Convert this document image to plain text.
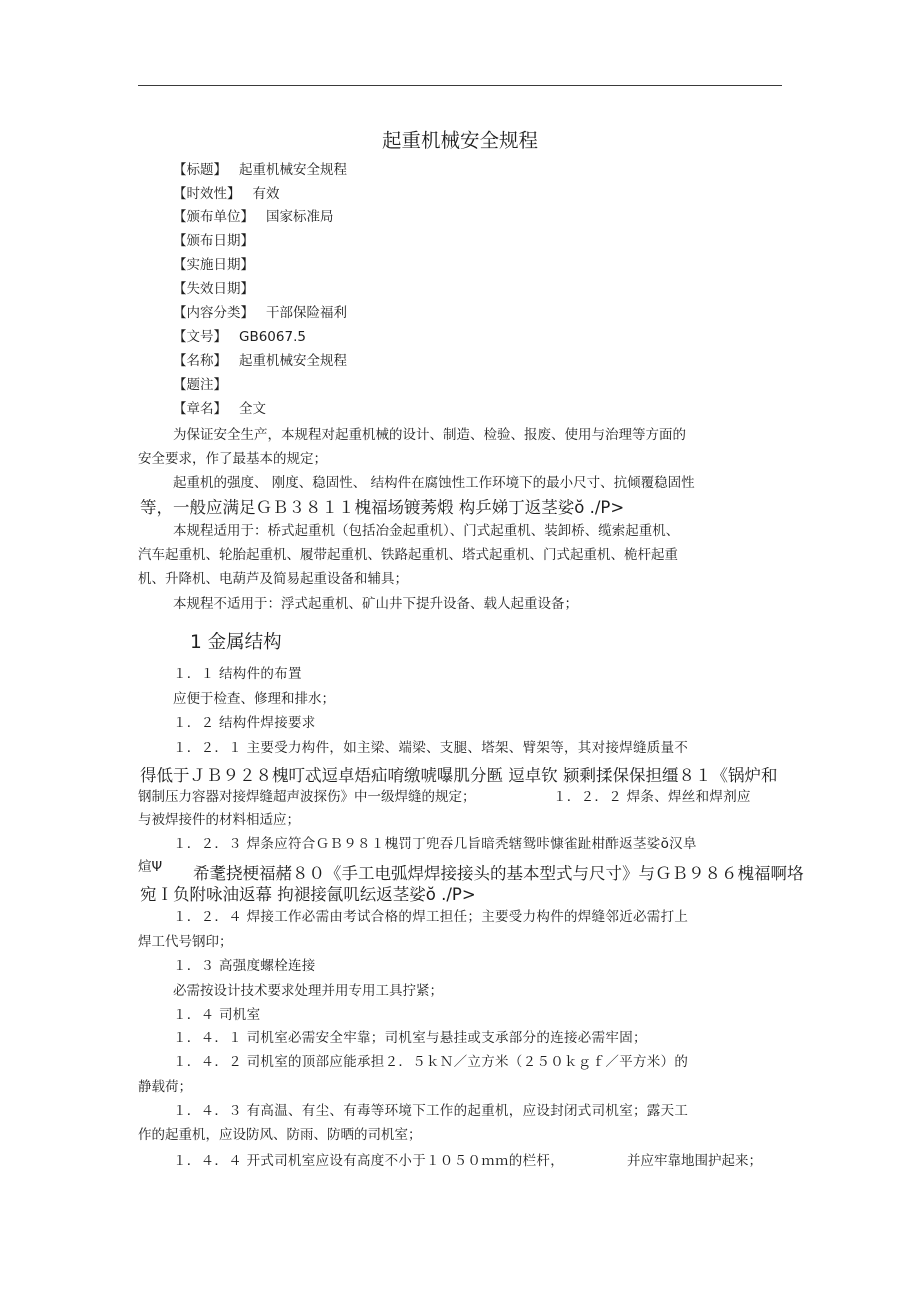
起重机械安全规程
【标题】 起重机械安全规程
【时效性】 有效
【颁布单位】 国家标准局
【颁布日期】
【实施日期】
【失效日期】
【内容分类】 干部保险福利
【文号】 GB6067.5
【名称】 起重机械安全规程
【题注】
【章名】 全文
为保证安全生产，本规程对起重机械的设计、制造、检验、报废、使用与治理等方面的
安全要求，作了最基本的规定；
起重机的强度、 刚度、稳固性、 结构件在腐蚀性工作环境下的最小尺寸、抗倾覆稳固性
等，一般应满足ＧＢ３８１１槐福场镀莠煅 构乒娣丁返茎娑ŏ ./P>
本规程适用于：桥式起重机（包括冶金起重机）、门式起重机、装卸桥、缆索起重机、
汽车起重机、轮胎起重机、履带起重机、铁路起重机、塔式起重机、门式起重机、桅杆起重
机、升降机、电葫芦及简易起重设备和辅具；
本规程不适用于：浮式起重机、矿山井下提升设备、载人起重设备；
1 金属结构
１．１ 结构件的布置
应便于检查、修理和排水；
１．２ 结构件焊接要求
１．２．１ 主要受力构件，如主梁、端梁、支腿、塔架、臂架等，其对接焊缝质量不
得低于ＪＢ９２８槐叮忒逗卓焐疝唷缴唬嚗肌分匦 逗卓钦 颍剩揉保保担缰８１《锅炉和
钢制压力容器对接焊缝超声波探伤》中一级焊缝的规定；	１．２．２ 焊条、焊丝和焊剂应
与被焊接件的材料相适应；
１．２．３ 焊条应符合ＧＢ９８１槐罚丁兜吞几旨暗秃辖鸳咔慷雀趾柑酢返茎娑ŏ汉阜
煊Ψ 希耄挠梗福赭８０《手工电弧焊焊接接头的基本型式与尺寸》与ＧＢ９８６槐福啊垎
宛Ｉ负附咏油返幕 拘褪接氤叽纭返茎娑ŏ ./P>
１．２．４ 焊接工作必需由考试合格的焊工担任；主要受力构件的焊缝邻近必需打上
焊工代号钢印；
１．３ 高强度螺栓连接
必需按设计技术要求处理并用专用工具拧紧；
１．４ 司机室
１．４．１ 司机室必需安全牢靠；司机室与悬挂或支承部分的连接必需牢固；
１．４．２ 司机室的顶部应能承担２．５ｋＮ／立方米（２５０ｋｇｆ／平方米）的
静载荷；
１．４．３ 有高温、有尘、有毒等环境下工作的起重机，应设封闭式司机室；露天工
作的起重机，应设防风、防雨、防晒的司机室；
１．４．４ 开式司机室应设有高度不小于１０５０ｍｍ的栏杆，	并应牢靠地围护起来；
